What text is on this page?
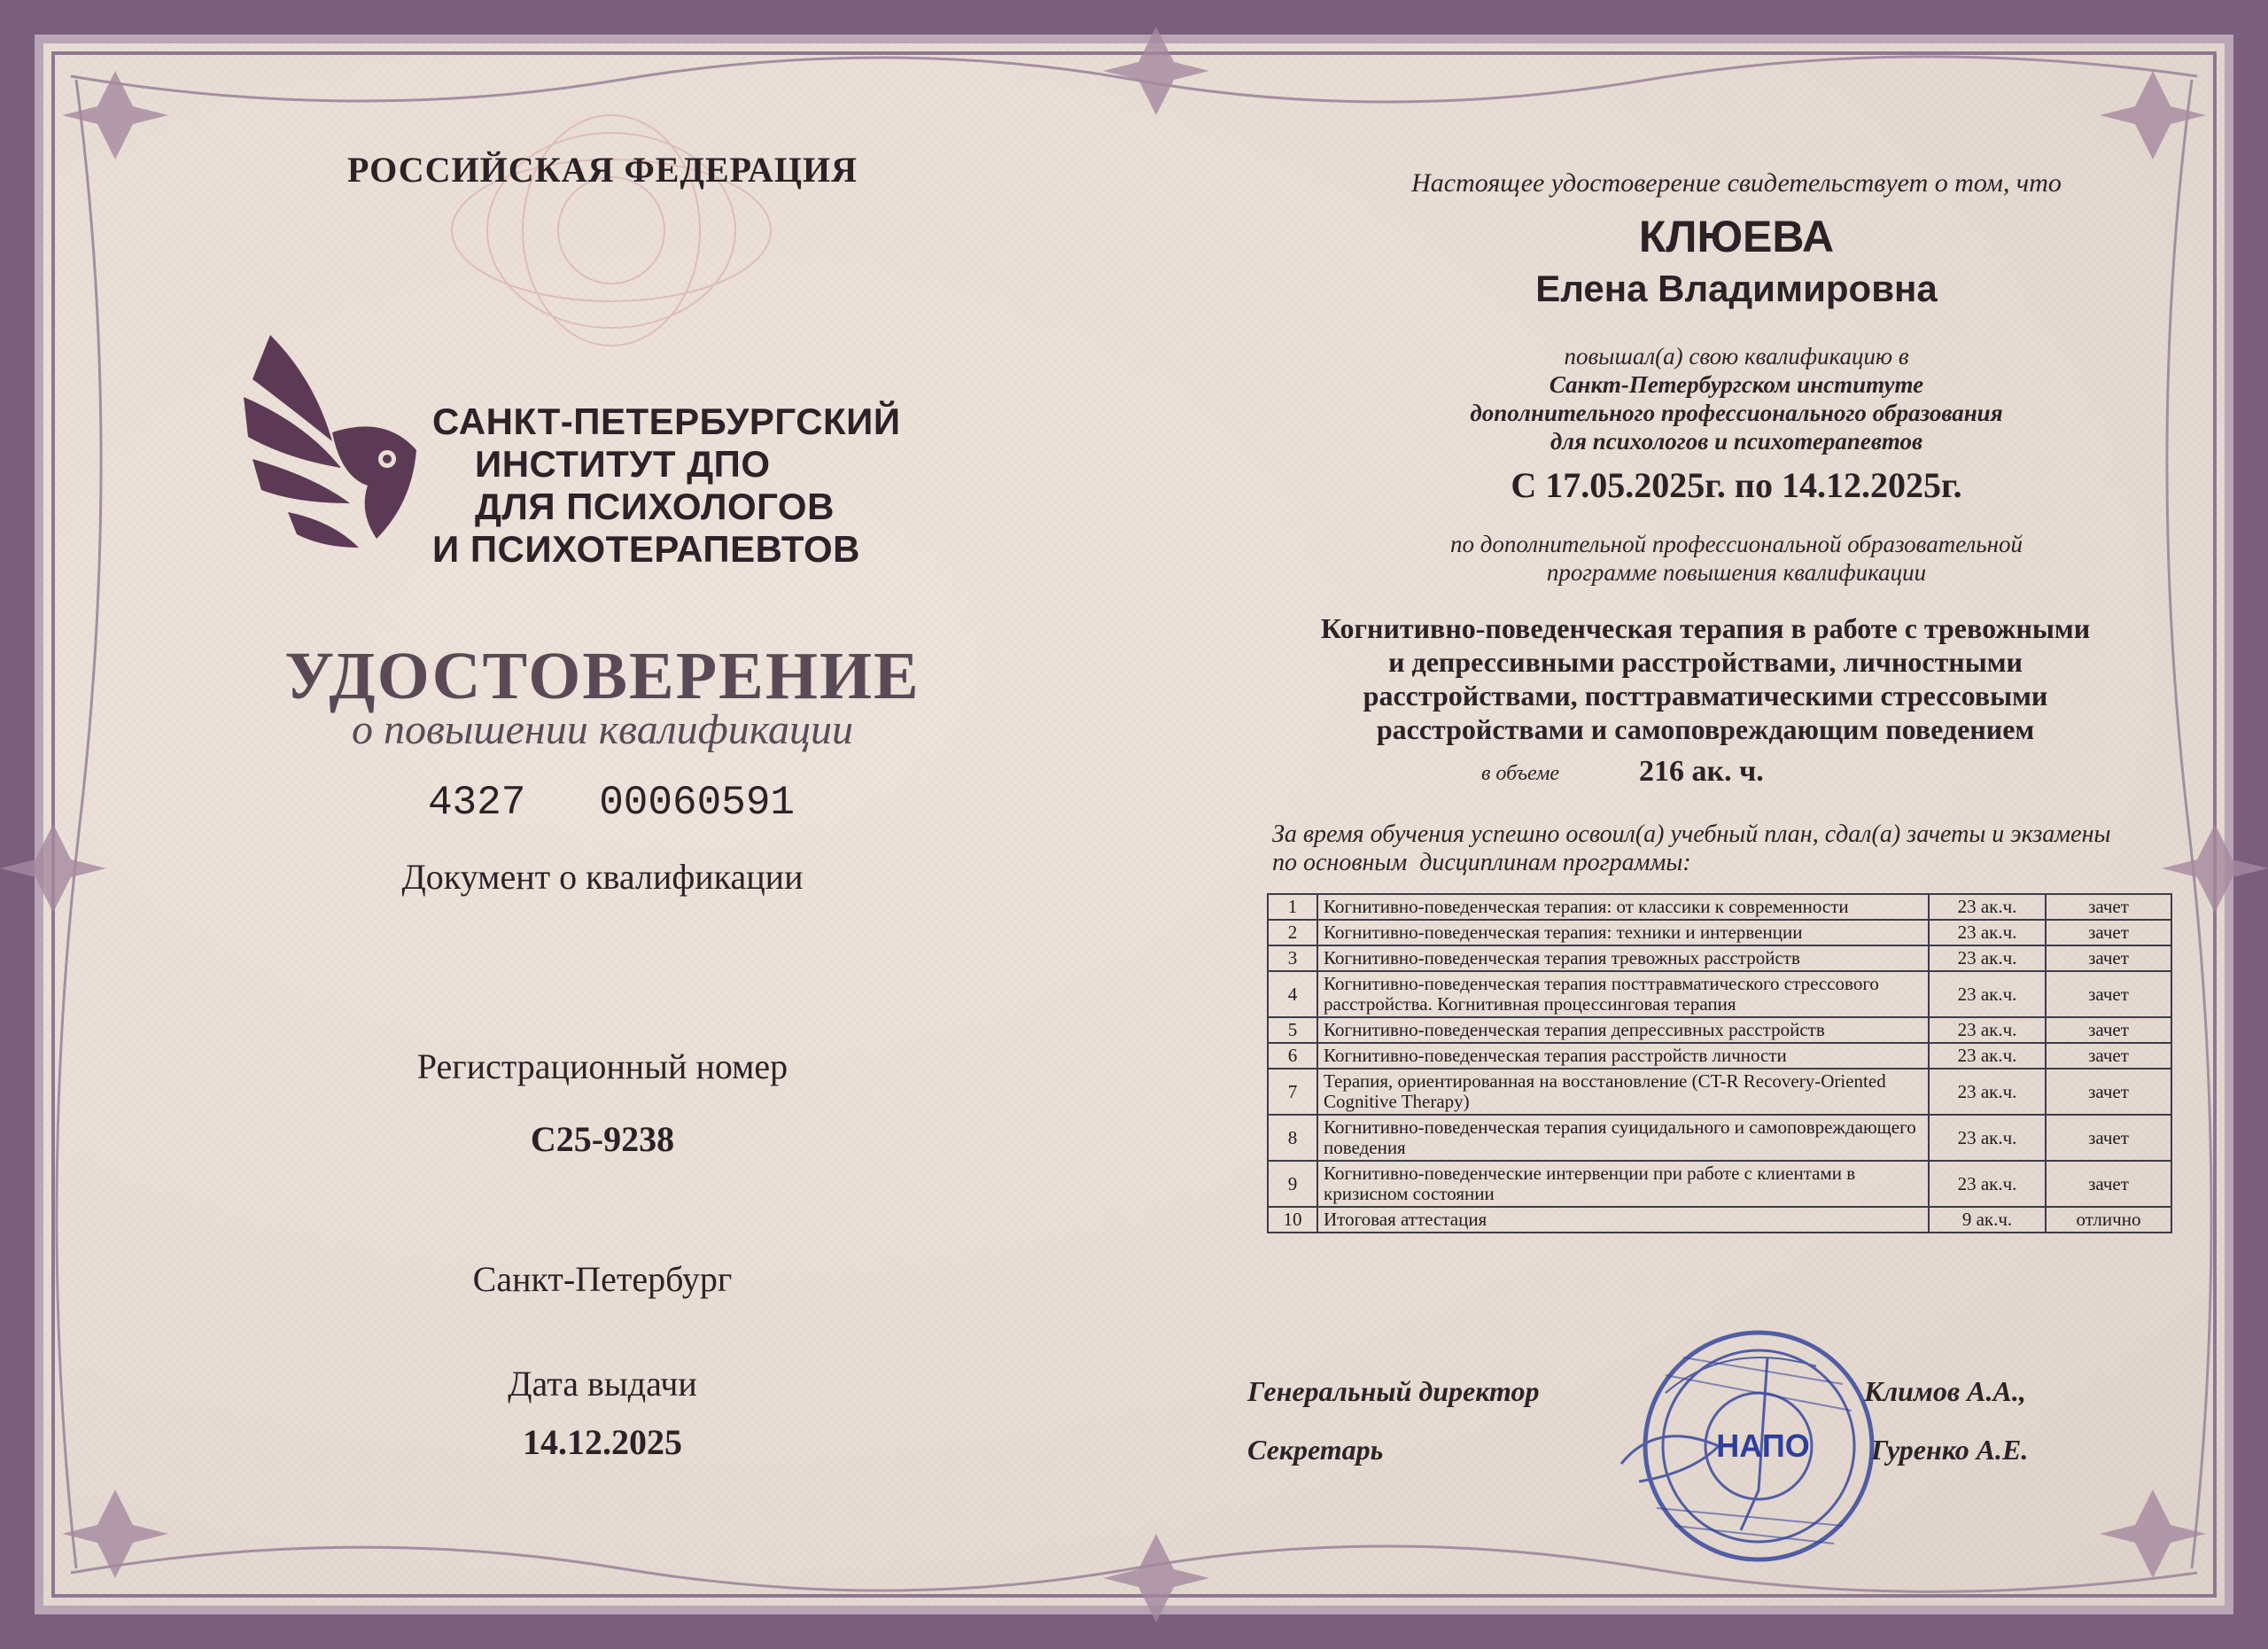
РОССИЙСКАЯ ФЕДЕРАЦИЯ
САНКТ-ПЕТЕРБУРГСКИЙ
ИНСТИТУТ ДПО
ДЛЯ ПСИХОЛОГОВ
И ПСИХОТЕРАПЕВТОВ
УДОСТОВЕРЕНИЕ
о повышении квалификации
4327 00060591
Документ о квалификации
Регистрационный номер
С25-9238
Санкт-Петербург
Дата выдачи
14.12.2025
Настоящее удостоверение свидетельствует о том, что
КЛЮЕВА
Елена Владимировна
повышал(а) свою квалификацию в
Санкт-Петербургском институте
дополнительного профессионального образования
для психологов и психотерапевтов
С 17.05.2025г. по 14.12.2025г.
по дополнительной профессиональной образовательной
программе повышения квалификации
Когнитивно-поведенческая терапия в работе с тревожными
и депрессивными расстройствами, личностными
расстройствами, посттравматическими стрессовыми
расстройствами и самоповреждающим поведением
в объеме	216 ак. ч.
За время обучения успешно освоил(а) учебный план, сдал(а) зачеты и экзамены
по основным  дисциплинам программы:
1	Когнитивно-поведенческая терапия: от классики к современности	23 ак.ч.	зачет
2	Когнитивно-поведенческая терапия: техники и интервенции	23 ак.ч.	зачет
3	Когнитивно-поведенческая терапия тревожных расстройств	23 ак.ч.	зачет
4	Когнитивно-поведенческая терапия посттравматического стрессового расстройства. Когнитивная процессинговая терапия	23 ак.ч.	зачет
5	Когнитивно-поведенческая терапия депрессивных расстройств	23 ак.ч.	зачет
6	Когнитивно-поведенческая терапия расстройств личности	23 ак.ч.	зачет
7	Терапия, ориентированная на восстановление (CT-R Recovery-Oriented Cognitive Therapy)	23 ак.ч.	зачет
8	Когнитивно-поведенческая терапия суицидального и самоповреждающего поведения	23 ак.ч.	зачет
9	Когнитивно-поведенческие интервенции при работе с клиентами в кризисном состоянии	23 ак.ч.	зачет
10	Итоговая аттестация	9 ак.ч.	отлично
Генеральный директор	Климов А.А.,
Секретарь	Гуренко А.Е.
НАПО
